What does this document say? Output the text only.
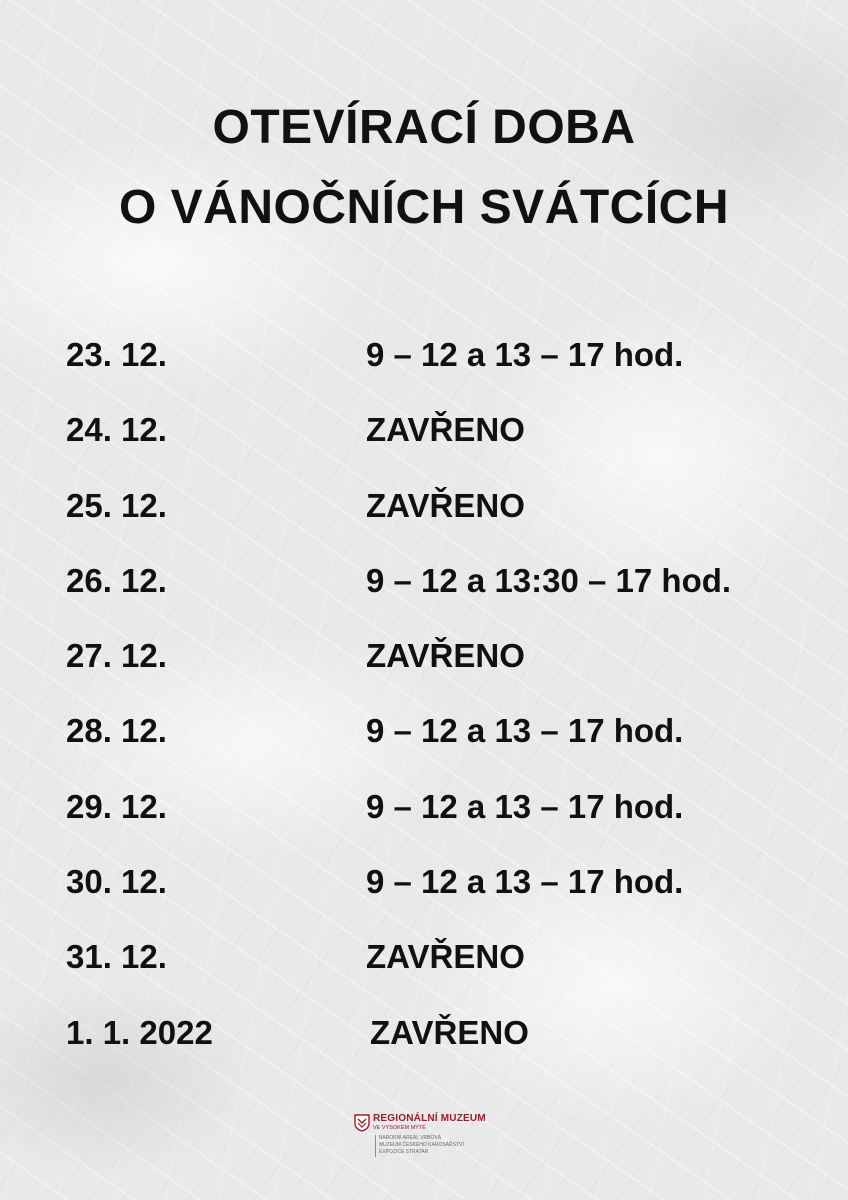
OTEVÍRACÍ DOBA
O VÁNOČNÍCH SVÁTCÍCH
23. 12.	9 – 12 a 13 – 17 hod.
24. 12.	ZAVŘENO
25. 12.	ZAVŘENO
26. 12.	9 – 12 a 13:30 – 17 hod.
27. 12.	ZAVŘENO
28. 12.	9 – 12 a 13 – 17 hod.
29. 12.	9 – 12 a 13 – 17 hod.
30. 12.	9 – 12 a 13 – 17 hod.
31. 12.	ZAVŘENO
1. 1. 2022	ZAVŘENO
REGIONÁLNÍ MUZEUM
VE VYSOKÉM MÝTĚ
BAROKNÍ AREÁL VRBOVÁ
MUZEUM ČESKÉHO KAROSÁŘSTVÍ
EXPOZICE STRATAR
